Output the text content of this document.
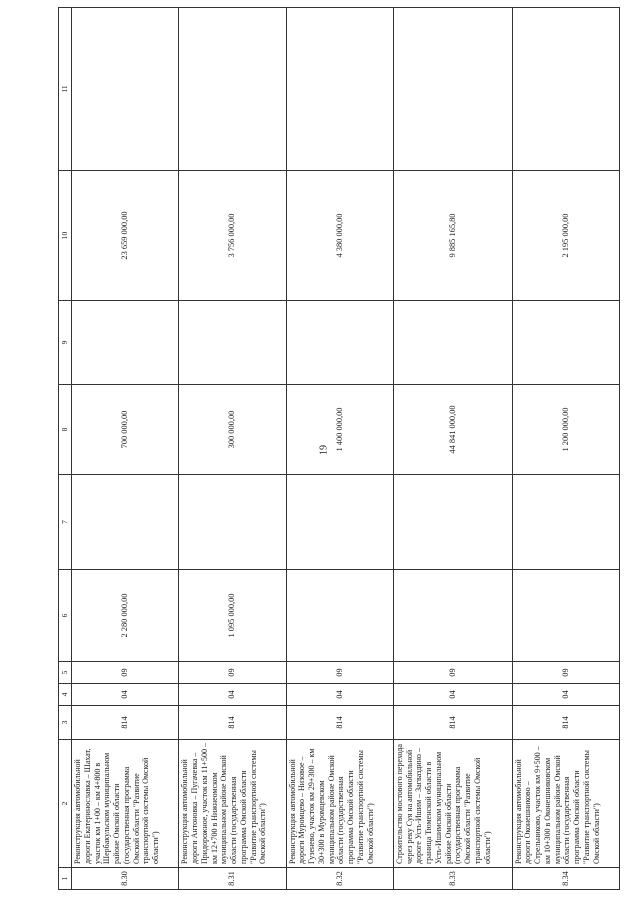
19
1	2	3	4	5	6	7	8	9	10	11
8.30	Реконструкция автомобильной дороги Екатеринославка – Шахат, участок км 1+00 – км 4+800 в Шербакульском муниципальном районе Омской области (государственная программа Омской области "Развитие транспортной системы Омской области")	814	04	09	2 280 000,00		700 000,00		23 659 000,00	
8.31	Реконструкция автомобильной дороги Антоновка – Пугачевка – Придорожное, участок км 11+500 – км 12+700 в Нижнеомском муниципальном районе Омской области (государственная программа Омской области "Развитие транспортной системы Омской области")	814	04	09	1 095 000,00		300 000,00		3 756 000,00	
8.32	Реконструкция автомобильной дороги Муромцево – Низовое – Гузенево, участок км 29+300 – км 30+300 в Муромцевском муниципальном районе Омской области (государственная программа Омской области "Развитие транспортной системы Омской области")	814	04	09			1 400 000,00		4 380 000,00	
8.33	Строительство мостового перехода через реку Суя на автомобильной дороге Усть-Ишим – Загваздино – граница Тюменской области в Усть-Ишимском муниципальном районе Омской области (государственная программа Омской области "Развитие транспортной системы Омской области")	814	04	09			44 841 000,00		9 885 165,80	
8.34	Реконструкция автомобильной дороги Оконешниково – Стрельниково, участок км 9+500 – км 10+300 в Оконешниковском муниципальном районе Омской области (государственная программа Омской области "Развитие транспортной системы Омской области")	814	04	09			1 200 000,00		2 195 000,00	
